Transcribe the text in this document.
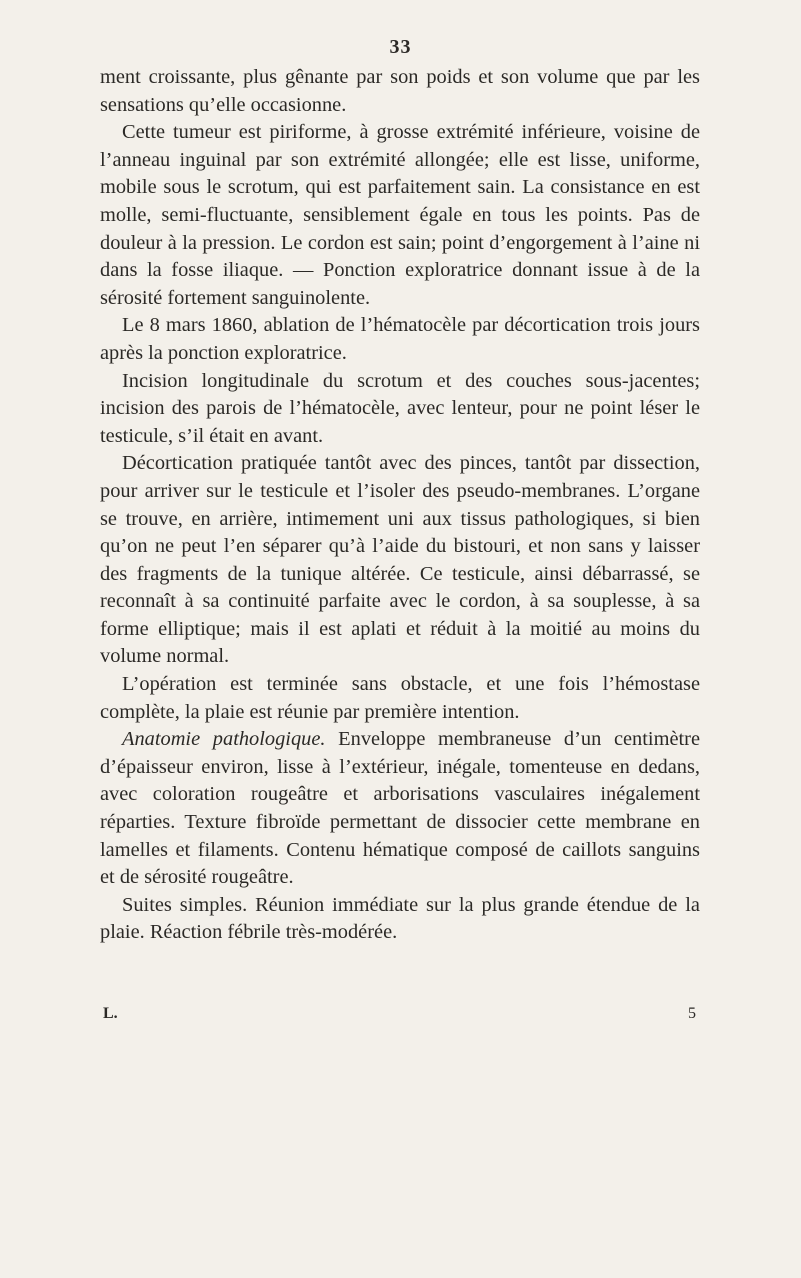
33

ment croissante, plus gênante par son poids et son volume que par les sensations qu’elle occasionne.

Cette tumeur est piriforme, à grosse extrémité inférieure, voisine de l’anneau inguinal par son extrémité allongée; elle est lisse, uniforme, mobile sous le scrotum, qui est parfaitement sain. La consistance en est molle, semi-fluctuante, sensiblement égale en tous les points. Pas de douleur à la pression. Le cordon est sain; point d’engorgement à l’aine ni dans la fosse iliaque. — Ponction exploratrice donnant issue à de la sérosité fortement sanguinolente.

Le 8 mars 1860, ablation de l’hématocèle par décortication trois jours après la ponction exploratrice.

Incision longitudinale du scrotum et des couches sous-jacentes; incision des parois de l’hématocèle, avec lenteur, pour ne point léser le testicule, s’il était en avant.

Décortication pratiquée tantôt avec des pinces, tantôt par dissection, pour arriver sur le testicule et l’isoler des pseudo-membranes. L’organe se trouve, en arrière, intimement uni aux tissus pathologiques, si bien qu’on ne peut l’en séparer qu’à l’aide du bistouri, et non sans y laisser des fragments de la tunique altérée. Ce testicule, ainsi débarrassé, se reconnaît à sa continuité parfaite avec le cordon, à sa souplesse, à sa forme elliptique; mais il est aplati et réduit à la moitié au moins du volume normal.

L’opération est terminée sans obstacle, et une fois l’hémostase complète, la plaie est réunie par première intention.

Anatomie pathologique. Enveloppe membraneuse d’un centimètre d’épaisseur environ, lisse à l’extérieur, inégale, tomenteuse en dedans, avec coloration rougeâtre et arborisations vasculaires inégalement réparties. Texture fibroïde permettant de dissocier cette membrane en lamelles et filaments. Contenu hématique composé de caillots sanguins et de sérosité rougeâtre.

Suites simples. Réunion immédiate sur la plus grande étendue de la plaie. Réaction fébrile très-modérée.

L.	5
